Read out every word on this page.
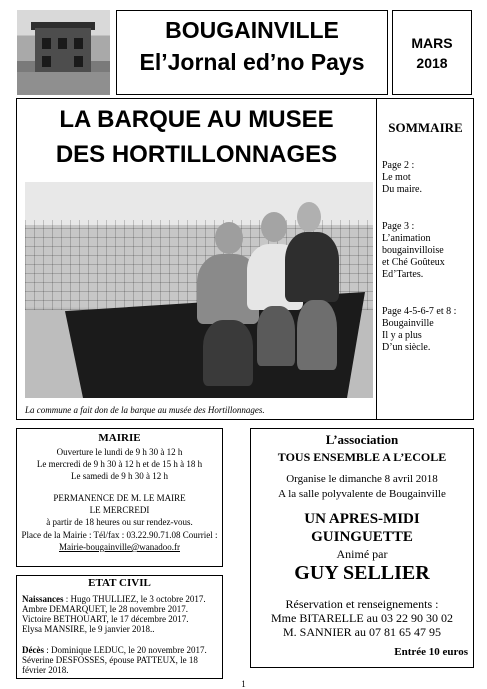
BOUGAINVILLE
El’Jornal ed’no Pays
MARS
2018
LA BARQUE AU MUSEE
DES HORTILLONNAGES
La commune a fait don de la barque au musée des Hortillonnages.
SOMMAIRE
Page 2 :
Le mot
Du maire.
Page 3 :
L’animation
bougainvilloise
et Ché Goûteux
Ed’Tartes.
Page 4-5-6-7 et 8 :
Bougainville
Il y a plus
D’un siècle.
MAIRIE
Ouverture le lundi de 9 h 30 à 12 h
Le mercredi de 9 h 30 à 12 h et de 15 h à 18 h
Le samedi de 9 h 30 à 12 h
PERMANENCE DE M. LE MAIRE
LE MERCREDI
à partir de 18 heures ou sur rendez-vous.
Place de la Mairie : Tél/fax : 03.22.90.71.08 Courriel :
Mairie-bougainville@wanadoo.fr
ETAT CIVIL
Naissances : Hugo THULLIEZ, le 3 octobre 2017.
Ambre DEMARQUET, le 28 novembre 2017.
Victoire BETHOUART, le 17 décembre 2017.
Elysa MANSIRE, le 9 janvier 2018..
Décès : Dominique LEDUC, le 20 novembre 2017.
Séverine DESFOSSES, épouse PATTEUX, le 18
février 2018.
L’association
TOUS ENSEMBLE A L’ECOLE
Organise le dimanche 8 avril 2018
A la salle polyvalente de Bougainville
UN APRES-MIDI
GUINGUETTE
Animé par
GUY SELLIER
Réservation et renseignements :
Mme BITARELLE au 03 22 90 30 02
M. SANNIER au 07 81 65 47 95
Entrée 10 euros
1
